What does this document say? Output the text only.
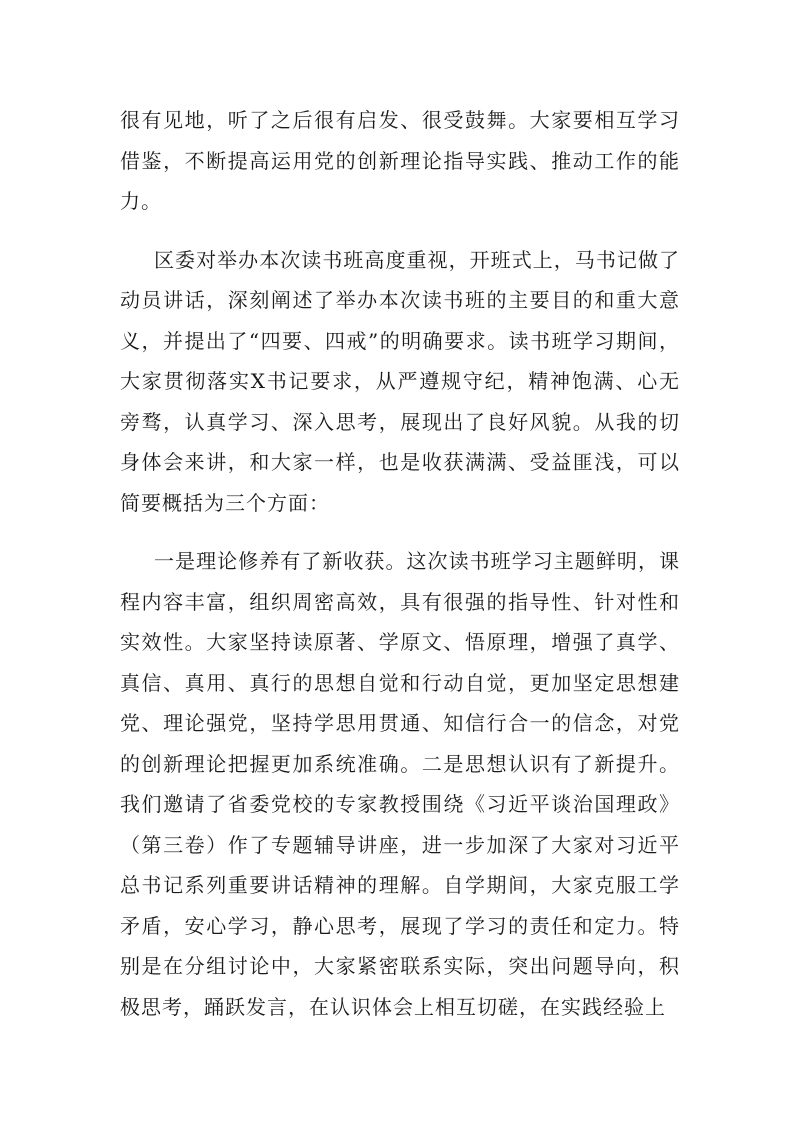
很有见地，听了之后很有启发、很受鼓舞。大家要相互学习借鉴，不断提高运用党的创新理论指导实践、推动工作的能力。

区委对举办本次读书班高度重视，开班式上，马书记做了动员讲话，深刻阐述了举办本次读书班的主要目的和重大意义，并提出了“四要、四戒”的明确要求。读书班学习期间，大家贯彻落实X书记要求，从严遵规守纪，精神饱满、心无旁骛，认真学习、深入思考，展现出了良好风貌。从我的切身体会来讲，和大家一样，也是收获满满、受益匪浅，可以简要概括为三个方面：

一是理论修养有了新收获。这次读书班学习主题鲜明，课程内容丰富，组织周密高效，具有很强的指导性、针对性和实效性。大家坚持读原著、学原文、悟原理，增强了真学、真信、真用、真行的思想自觉和行动自觉，更加坚定思想建党、理论强党，坚持学思用贯通、知信行合一的信念，对党的创新理论把握更加系统准确。二是思想认识有了新提升。我们邀请了省委党校的专家教授围绕《习近平谈治国理政》（第三卷）作了专题辅导讲座，进一步加深了大家对习近平总书记系列重要讲话精神的理解。自学期间，大家克服工学矛盾，安心学习，静心思考，展现了学习的责任和定力。特别是在分组讨论中，大家紧密联系实际，突出问题导向，积极思考，踊跃发言，在认识体会上相互切磋，在实践经验上
